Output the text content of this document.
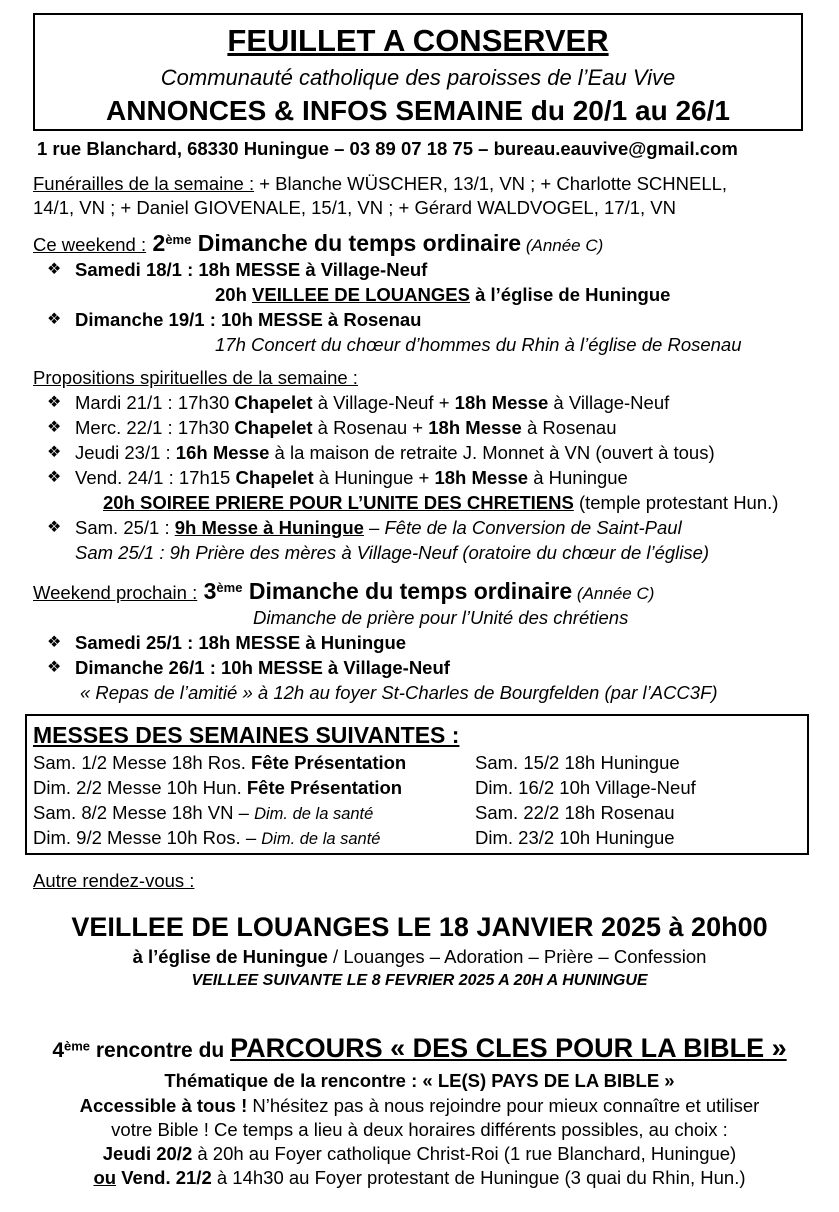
FEUILLET A CONSERVER
Communauté catholique des paroisses de l’Eau Vive
ANNONCES & INFOS SEMAINE du 20/1 au 26/1
1 rue Blanchard, 68330 Huningue – 03 89 07 18 75 – bureau.eauvive@gmail.com
Funérailles de la semaine : + Blanche WÜSCHER, 13/1, VN ; + Charlotte SCHNELL,
14/1, VN ; + Daniel GIOVENALE, 15/1, VN ; + Gérard WALDVOGEL, 17/1, VN
Ce weekend : 2ème Dimanche du temps ordinaire (Année C)
❖ Samedi 18/1 : 18h MESSE à Village-Neuf
20h VEILLEE DE LOUANGES à l’église de Huningue
❖ Dimanche 19/1 : 10h MESSE à Rosenau
17h Concert du chœur d’hommes du Rhin à l’église de Rosenau
Propositions spirituelles de la semaine :
❖ Mardi 21/1 : 17h30 Chapelet à Village-Neuf + 18h Messe à Village-Neuf
❖ Merc. 22/1 : 17h30 Chapelet à Rosenau + 18h Messe à Rosenau
❖ Jeudi 23/1 : 16h Messe à la maison de retraite J. Monnet à VN (ouvert à tous)
❖ Vend. 24/1 : 17h15 Chapelet à Huningue + 18h Messe à Huningue
20h SOIREE PRIERE POUR L’UNITE DES CHRETIENS (temple protestant Hun.)
❖ Sam. 25/1 : 9h Messe à Huningue – Fête de la Conversion de Saint-Paul
Sam 25/1 : 9h Prière des mères à Village-Neuf (oratoire du chœur de l’église)
Weekend prochain : 3ème Dimanche du temps ordinaire (Année C)
Dimanche de prière pour l’Unité des chrétiens
❖ Samedi 25/1 : 18h MESSE à Huningue
❖ Dimanche 26/1 : 10h MESSE à Village-Neuf
« Repas de l’amitié » à 12h au foyer St-Charles de Bourgfelden (par l’ACC3F)
MESSES DES SEMAINES SUIVANTES :
Sam. 1/2 Messe 18h Ros. Fête Présentation
Dim. 2/2 Messe 10h Hun. Fête Présentation
Sam. 8/2 Messe 18h VN – Dim. de la santé
Dim. 9/2 Messe 10h Ros. – Dim. de la santé
Sam. 15/2 18h Huningue
Dim. 16/2 10h Village-Neuf
Sam. 22/2 18h Rosenau
Dim. 23/2 10h Huningue
Autre rendez-vous :
VEILLEE DE LOUANGES LE 18 JANVIER 2025 à 20h00
à l’église de Huningue / Louanges – Adoration – Prière – Confession
VEILLEE SUIVANTE LE 8 FEVRIER 2025 A 20H A HUNINGUE
4ème rencontre du PARCOURS « DES CLES POUR LA BIBLE »
Thématique de la rencontre : « LE(S) PAYS DE LA BIBLE »
Accessible à tous ! N’hésitez pas à nous rejoindre pour mieux connaître et utiliser
votre Bible ! Ce temps a lieu à deux horaires différents possibles, au choix :
Jeudi 20/2 à 20h au Foyer catholique Christ-Roi (1 rue Blanchard, Huningue)
ou Vend. 21/2 à 14h30 au Foyer protestant de Huningue (3 quai du Rhin, Hun.)
